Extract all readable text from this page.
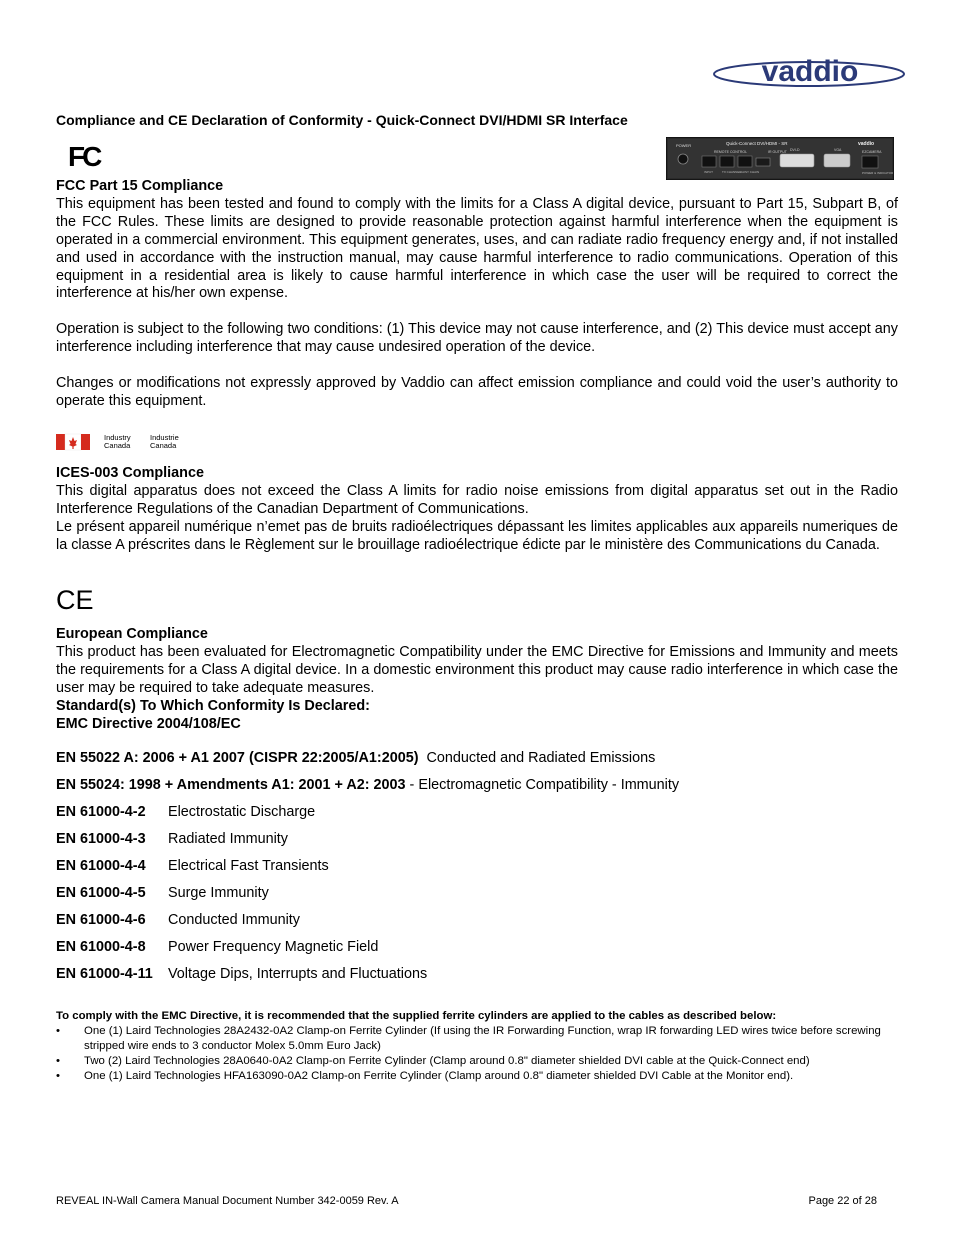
vaddio
Compliance and CE Declaration of Conformity - Quick-Connect DVI/HDMI SR Interface
FC	POWER	Quick-Connect DVI/HDMI - SR	vaddio
REMOTE CONTROL	IR OUTPUT DVI-D	VGA	EZCAMERA
INPUT	TX CHANNEL
DAISY CHAIN	POWER & INDICATOR
FCC Part 15 Compliance
This equipment has been tested and found to comply with the limits for a Class A digital device, pursuant to Part 15, Subpart B, of the FCC Rules. These limits are designed to provide reasonable protection against harmful interference when the equipment is operated in a commercial environment. This equipment generates, uses, and can radiate radio frequency energy and, if not installed and used in accordance with the instruction manual, may cause harmful interference to radio communications. Operation of this equipment in a residential area is likely to cause harmful interference in which case the user will be required to correct the interference at his/her own expense.
Operation is subject to the following two conditions: (1) This device may not cause interference, and (2) This device must accept any interference including interference that may cause undesired operation of the device.
Changes or modifications not expressly approved by Vaddio can affect emission compliance and could void the user’s authority to operate this equipment.
Industry
Canada
Industrie
Canada
ICES-003 Compliance
This digital apparatus does not exceed the Class A limits for radio noise emissions from digital apparatus set out in the Radio Interference Regulations of the Canadian Department of Communications.
Le présent appareil numérique n’emet pas de bruits radioélectriques dépassant les limites applicables aux appareils numeriques de la classe A préscrites dans le Règlement sur le brouillage radioélectrique édicte par le ministère des Communications du Canada.
CE
European Compliance
This product has been evaluated for Electromagnetic Compatibility under the EMC Directive for Emissions and Immunity and meets the requirements for a Class A digital device. In a domestic environment this product may cause radio interference in which case the user may be required to take adequate measures.
Standard(s) To Which Conformity Is Declared:
EMC Directive 2004/108/EC
EN 55022 A: 2006 + A1 2007 (CISPR 22:2005/A1:2005) Conducted and Radiated Emissions
EN 55024: 1998 + Amendments A1: 2001 + A2: 2003 - Electromagnetic Compatibility - Immunity
EN 61000-4-2 Electrostatic Discharge
EN 61000-4-3 Radiated Immunity
EN 61000-4-4 Electrical Fast Transients
EN 61000-4-5 Surge Immunity
EN 61000-4-6 Conducted Immunity
EN 61000-4-8 Power Frequency Magnetic Field
EN 61000-4-11 Voltage Dips, Interrupts and Fluctuations
To comply with the EMC Directive, it is recommended that the supplied ferrite cylinders are applied to the cables as described below:
•	One (1) Laird Technologies 28A2432-0A2 Clamp-on Ferrite Cylinder (If using the IR Forwarding Function, wrap IR forwarding LED wires twice before screwing stripped wire ends to 3 conductor Molex 5.0mm Euro Jack)
•	Two (2) Laird Technologies 28A0640-0A2 Clamp-on Ferrite Cylinder (Clamp around 0.8" diameter shielded DVI cable at the Quick-Connect end)
•	One (1) Laird Technologies HFA163090-0A2 Clamp-on Ferrite Cylinder (Clamp around 0.8" diameter shielded DVI Cable at the Monitor end).
REVEAL IN-Wall Camera Manual Document Number 342-0059 Rev. A	Page 22 of 28
